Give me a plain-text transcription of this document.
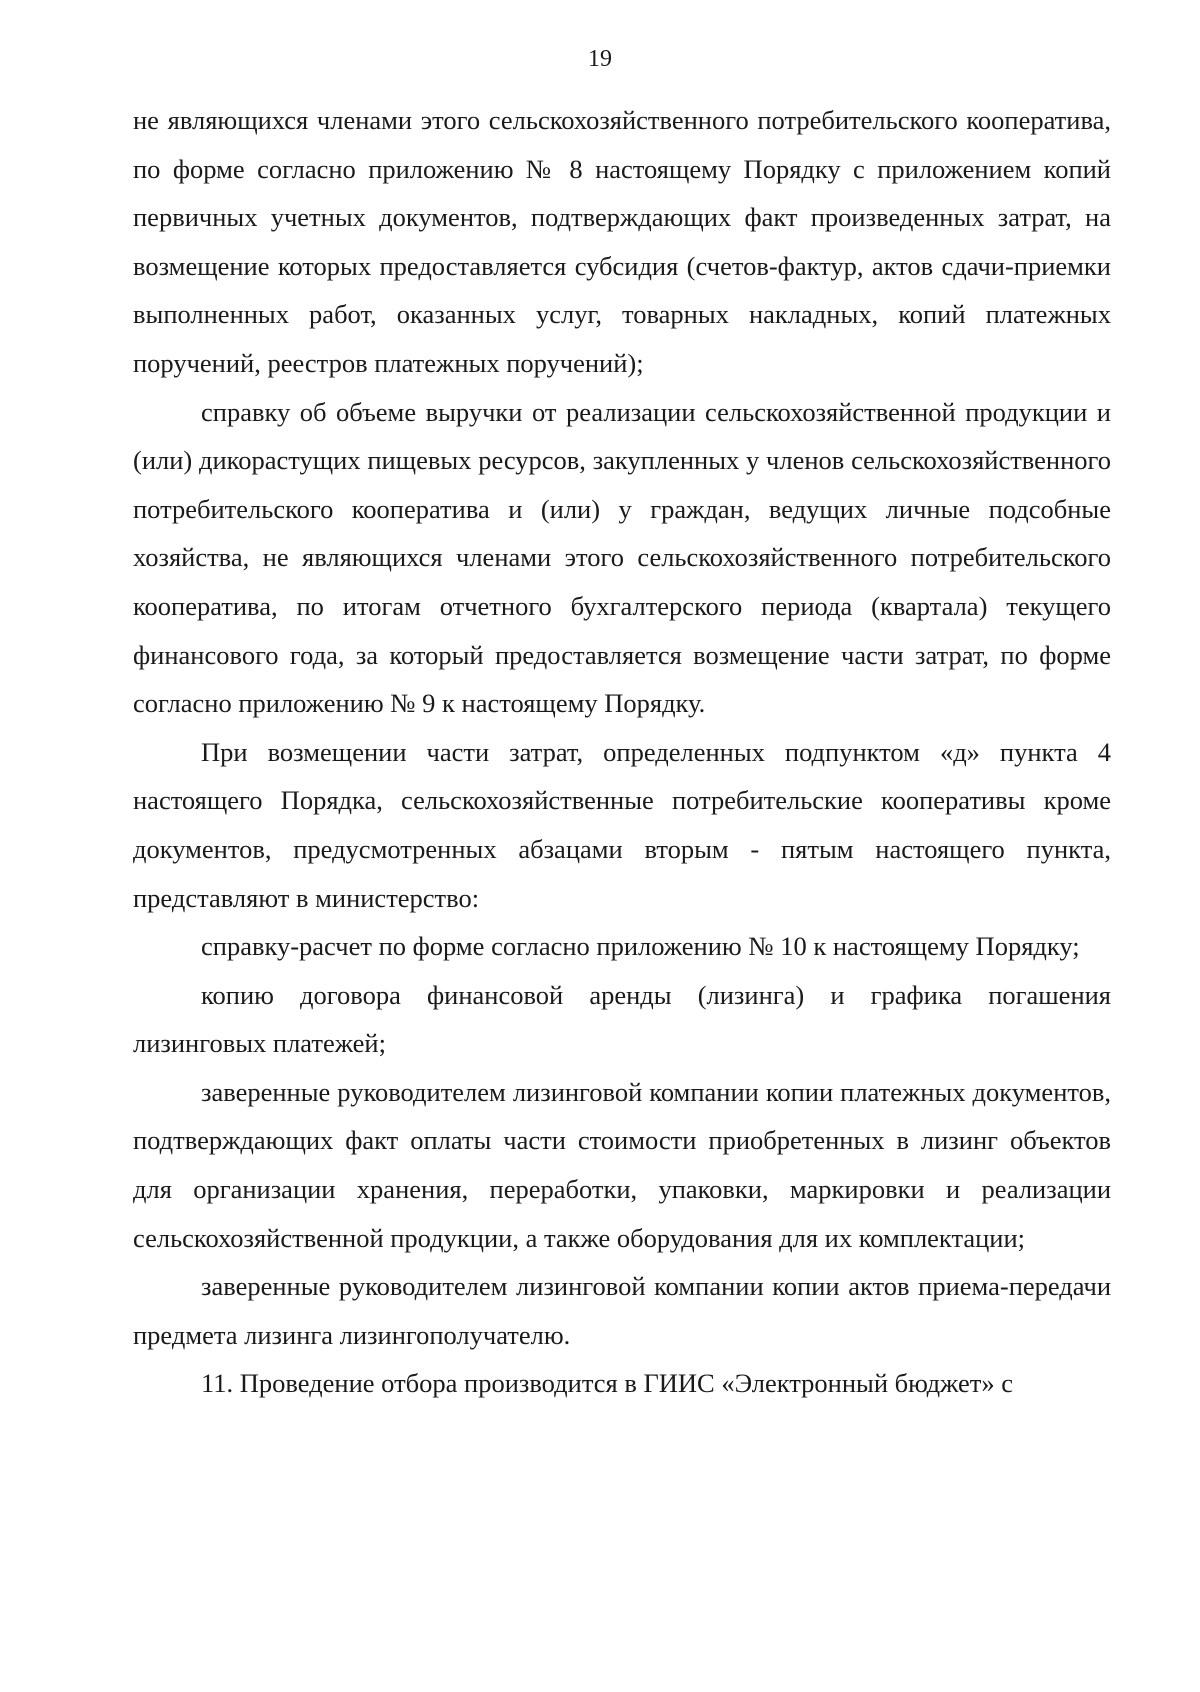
19

не являющихся членами этого сельскохозяйственного потребительского кооператива, по форме согласно приложению № 8 настоящему Порядку с приложением копий первичных учетных документов, подтверждающих факт произведенных затрат, на возмещение которых предоставляется субсидия (счетов-фактур, актов сдачи-приемки выполненных работ, оказанных услуг, товарных накладных, копий платежных поручений, реестров платежных поручений);

справку об объеме выручки от реализации сельскохозяйственной продукции и (или) дикорастущих пищевых ресурсов, закупленных у членов сельскохозяйственного потребительского кооператива и (или) у граждан, ведущих личные подсобные хозяйства, не являющихся членами этого сельскохозяйственного потребительского кооператива, по итогам отчетного бухгалтерского периода (квартала) текущего финансового года, за который предоставляется возмещение части затрат, по форме согласно приложению № 9 к настоящему Порядку.

При возмещении части затрат, определенных подпунктом «д» пункта 4 настоящего Порядка, сельскохозяйственные потребительские кооперативы кроме документов, предусмотренных абзацами вторым - пятым настоящего пункта, представляют в министерство:

справку-расчет по форме согласно приложению № 10 к настоящему Порядку;

копию договора финансовой аренды (лизинга) и графика погашения лизинговых платежей;

заверенные руководителем лизинговой компании копии платежных документов, подтверждающих факт оплаты части стоимости приобретенных в лизинг объектов для организации хранения, переработки, упаковки, маркировки и реализации сельскохозяйственной продукции, а также оборудования для их комплектации;

заверенные руководителем лизинговой компании копии актов приема-передачи предмета лизинга лизингополучателю.

11. Проведение отбора производится в ГИИС «Электронный бюджет» с
